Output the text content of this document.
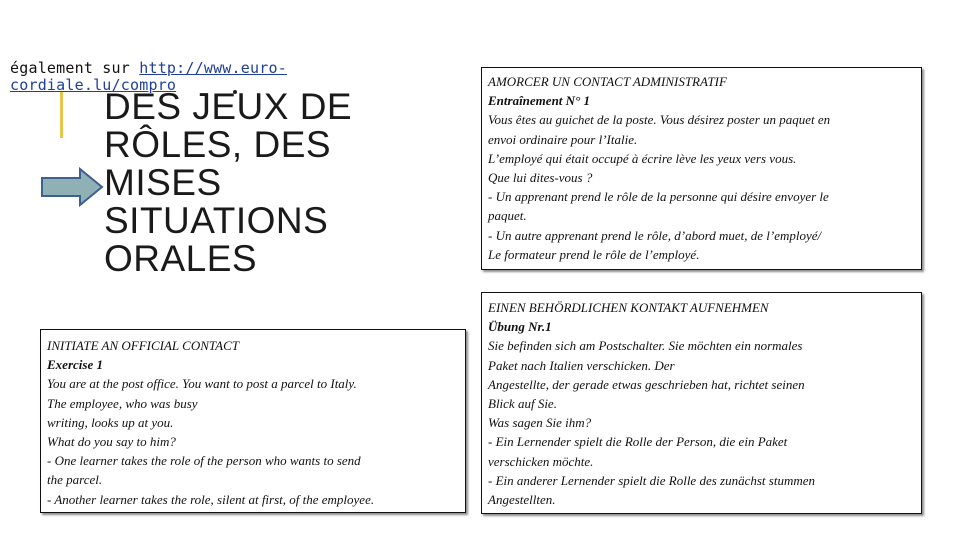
également sur http://www.euro-
cordiale.lu/compro
DES JEUX DE
RÔLES, DES
MISES
SITUATIONS
ORALES
AMORCER UN CONTACT ADMINISTRATIF
Entraînement N° 1
Vous êtes au guichet de la poste. Vous désirez poster un paquet en
envoi ordinaire pour l’Italie.
L’employé qui était occupé à écrire lève les yeux vers vous.
Que lui dites-vous ?
- Un apprenant prend le rôle de la personne qui désire envoyer le
paquet.
- Un autre apprenant prend le rôle, d’abord muet, de l’employé/
Le formateur prend le rôle de l’employé.
INITIATE AN OFFICIAL CONTACT
Exercise 1
You are at the post office. You want to post a parcel to Italy.
The employee, who was busy
writing, looks up at you.
What do you say to him?
- One learner takes the role of the person who wants to send
the parcel.
- Another learner takes the role, silent at first, of the employee.
EINEN BEHÖRDLICHEN KONTAKT AUFNEHMEN
Übung Nr.1
Sie befinden sich am Postschalter. Sie möchten ein normales
Paket nach Italien verschicken. Der
Angestellte, der gerade etwas geschrieben hat, richtet seinen
Blick auf Sie.
Was sagen Sie ihm?
- Ein Lernender spielt die Rolle der Person, die ein Paket
verschicken möchte.
- Ein anderer Lernender spielt die Rolle des zunächst stummen
Angestellten.
